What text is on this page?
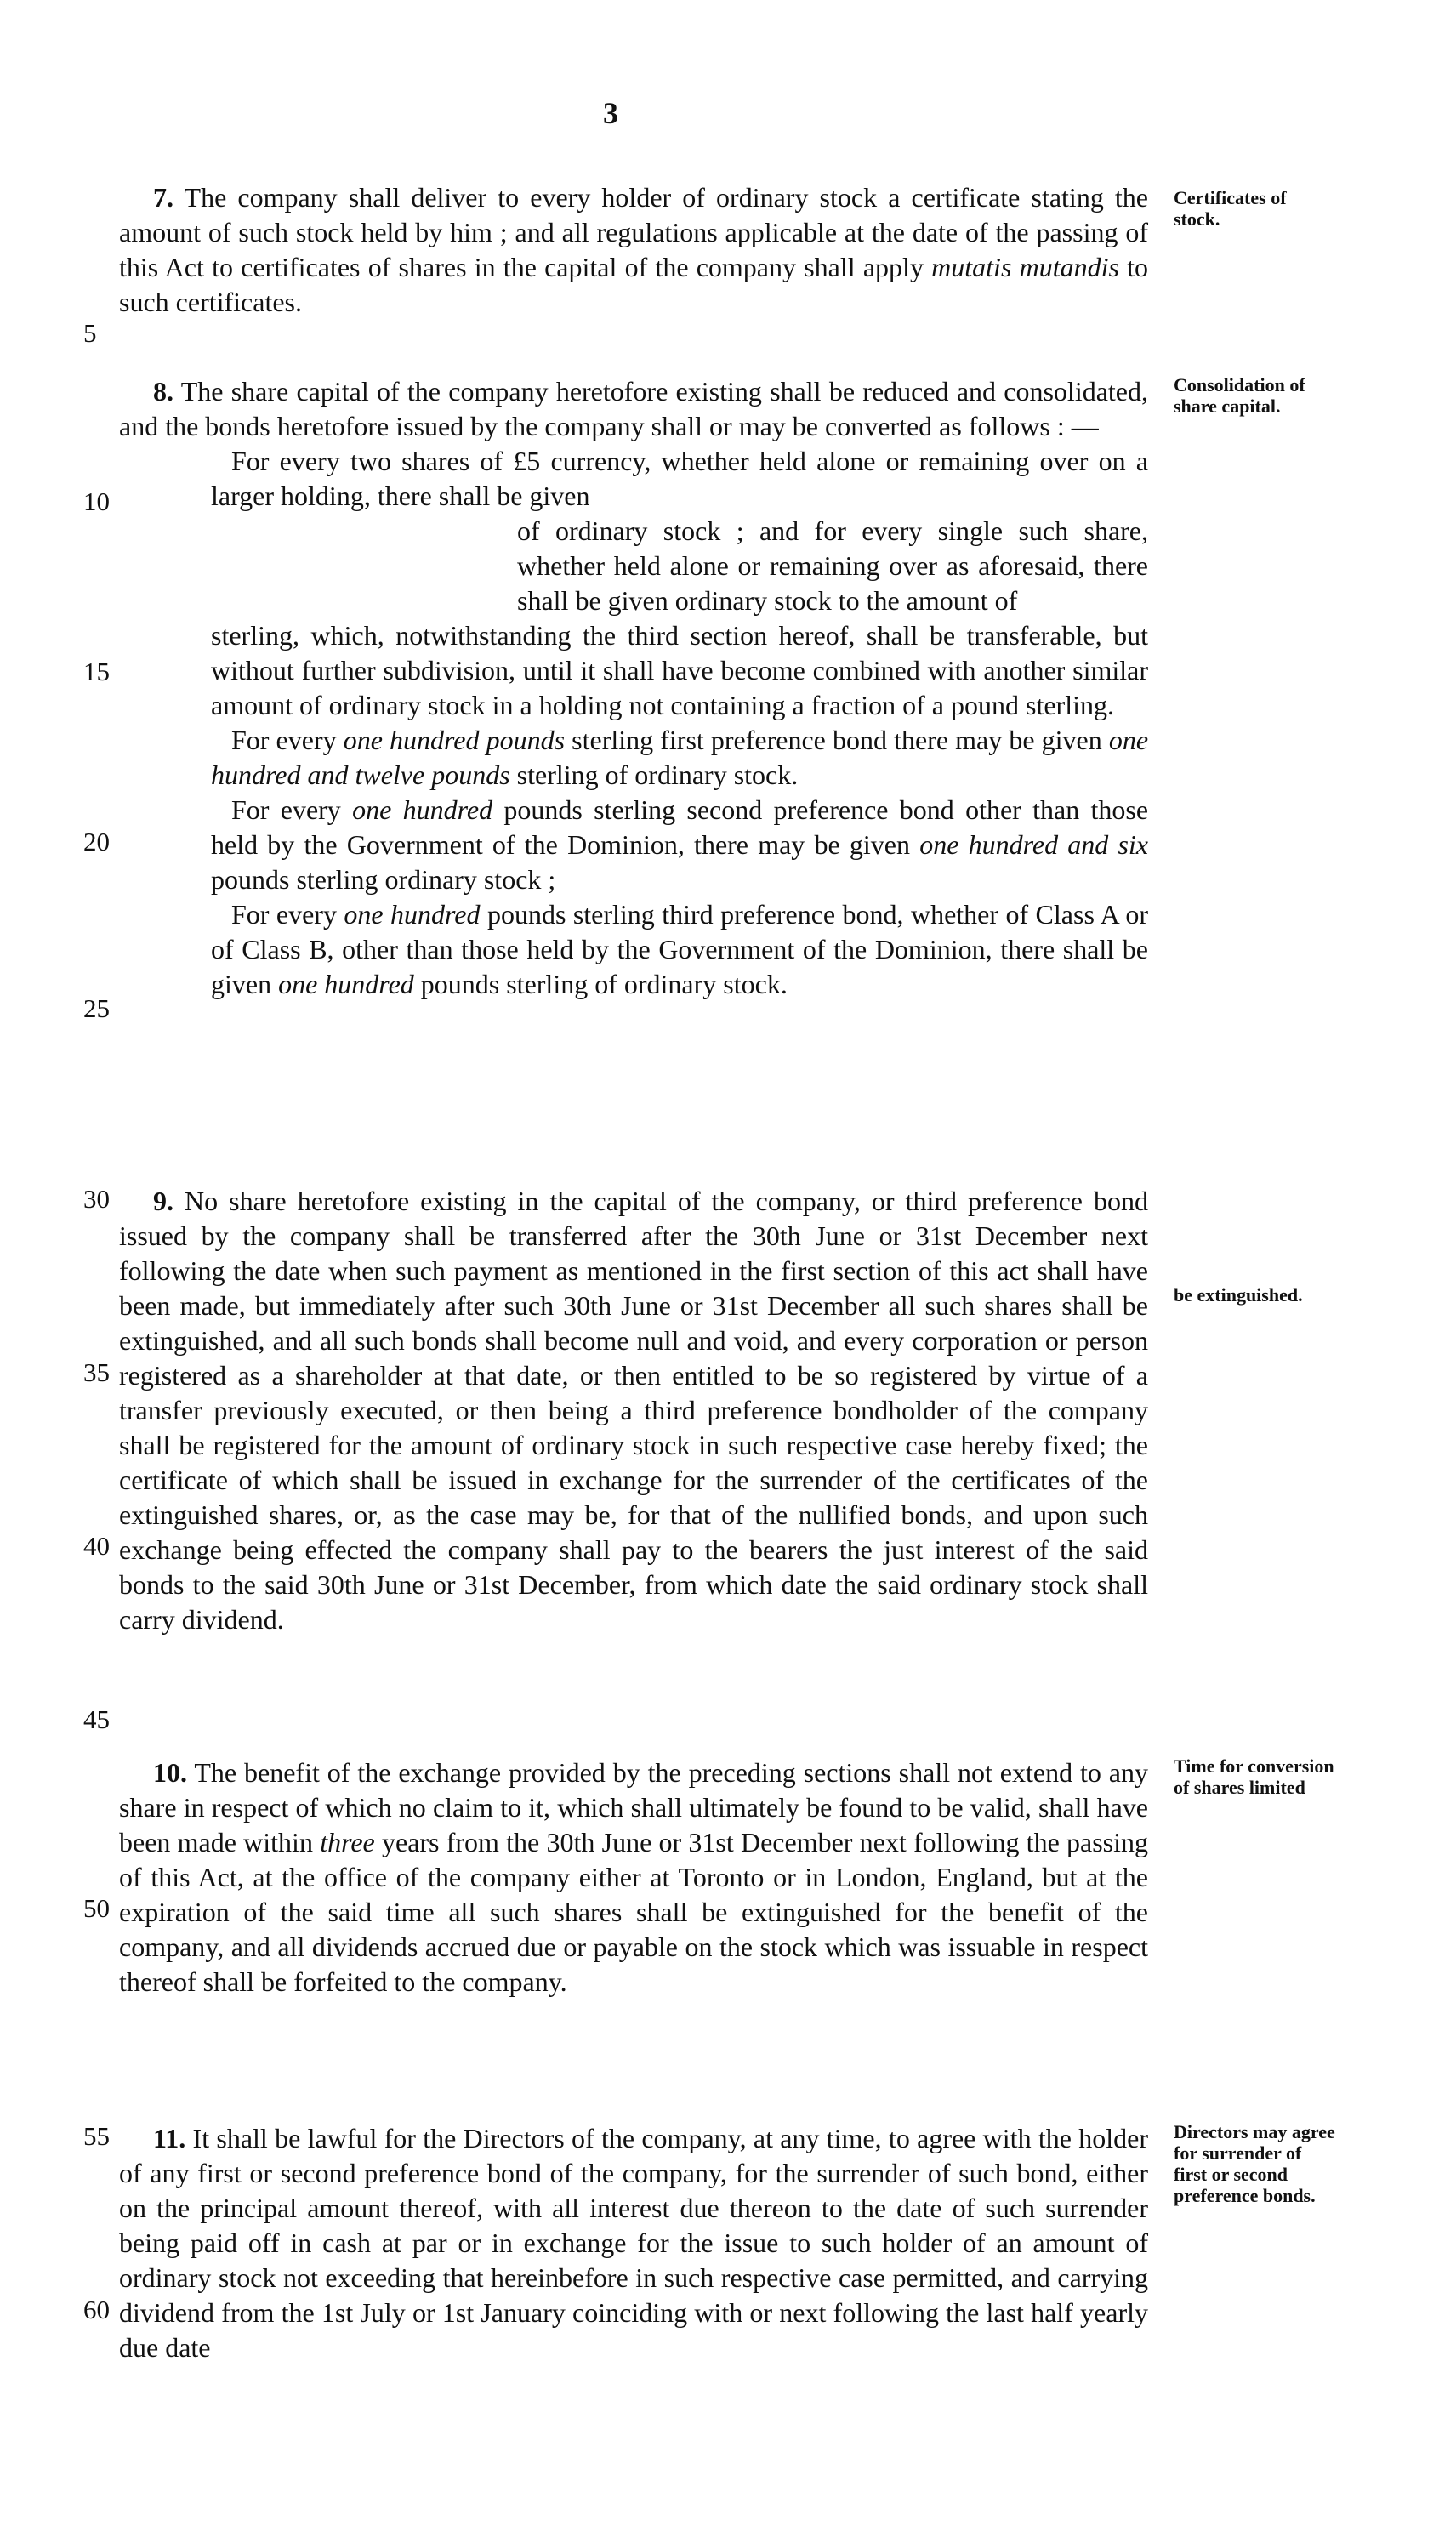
3

7. The company shall deliver to every holder of ordinary stock a certificate stating the amount of such stock held by him ; and all regulations applicable at the date of the passing of this Act to certificates of shares in the capital of the company shall apply mutatis mutandis to such certificates.

Certificates of stock.

8. The share capital of the company heretofore existing shall be reduced and consolidated, and the bonds heretofore issued by the company shall or may be converted as follows : —

For every two shares of £5 currency, whether held alone or remaining over on a larger holding, there shall be given

of ordinary stock ; and for every single such share, whether held alone or remaining over as aforesaid, there shall be given ordinary stock to the amount of

sterling, which, notwithstanding the third section hereof, shall be transferable, but without further subdivision, until it shall have become combined with another similar amount of ordinary stock in a holding not containing a fraction of a pound sterling.

For every one hundred pounds sterling first preference bond there may be given one hundred and twelve pounds sterling of ordinary stock.

For every one hundred pounds sterling second preference bond other than those held by the Government of the Dominion, there may be given one hundred and six pounds sterling ordinary stock ;

For every one hundred pounds sterling third preference bond, whether of Class A or of Class B, other than those held by the Government of the Dominion, there shall be given one hundred pounds sterling of ordinary stock.

Consolidation of share capital.

9. No share heretofore existing in the capital of the company, or third preference bond issued by the company shall be transferred after the 30th June or 31st December next following the date when such payment as mentioned in the first section of this act shall have been made, but immediately after such 30th June or 31st December all such shares shall be extinguished, and all such bonds shall become null and void, and every corporation or person registered as a shareholder at that date, or then entitled to be so registered by virtue of a transfer previously executed, or then being a third preference bondholder of the company shall be registered for the amount of ordinary stock in such respective case hereby fixed; the certificate of which shall be issued in exchange for the surrender of the certificates of the extinguished shares, or, as the case may be, for that of the nullified bonds, and upon such exchange being effected the company shall pay to the bearers the just interest of the said bonds to the said 30th June or 31st December, from which date the said ordinary stock shall carry dividend.

be extinguished.

10. The benefit of the exchange provided by the preceding sections shall not extend to any share in respect of which no claim to it, which shall ultimately be found to be valid, shall have been made within three years from the 30th June or 31st December next following the passing of this Act, at the office of the company either at Toronto or in London, England, but at the expiration of the said time all such shares shall be extinguished for the benefit of the company, and all dividends accrued due or payable on the stock which was issuable in respect thereof shall be forfeited to the company.

Time for conversion of shares limited

11. It shall be lawful for the Directors of the company, at any time, to agree with the holder of any first or second preference bond of the company, for the surrender of such bond, either on the principal amount thereof, with all interest due thereon to the date of such surrender being paid off in cash at par or in exchange for the issue to such holder of an amount of ordinary stock not exceeding that hereinbefore in such respective case permitted, and carrying dividend from the 1st July or 1st January coinciding with or next following the last half yearly due date

Directors may agree for surrender of first or second preference bonds.
5
10
15
20
25
30
35
40
45
50
55
60
